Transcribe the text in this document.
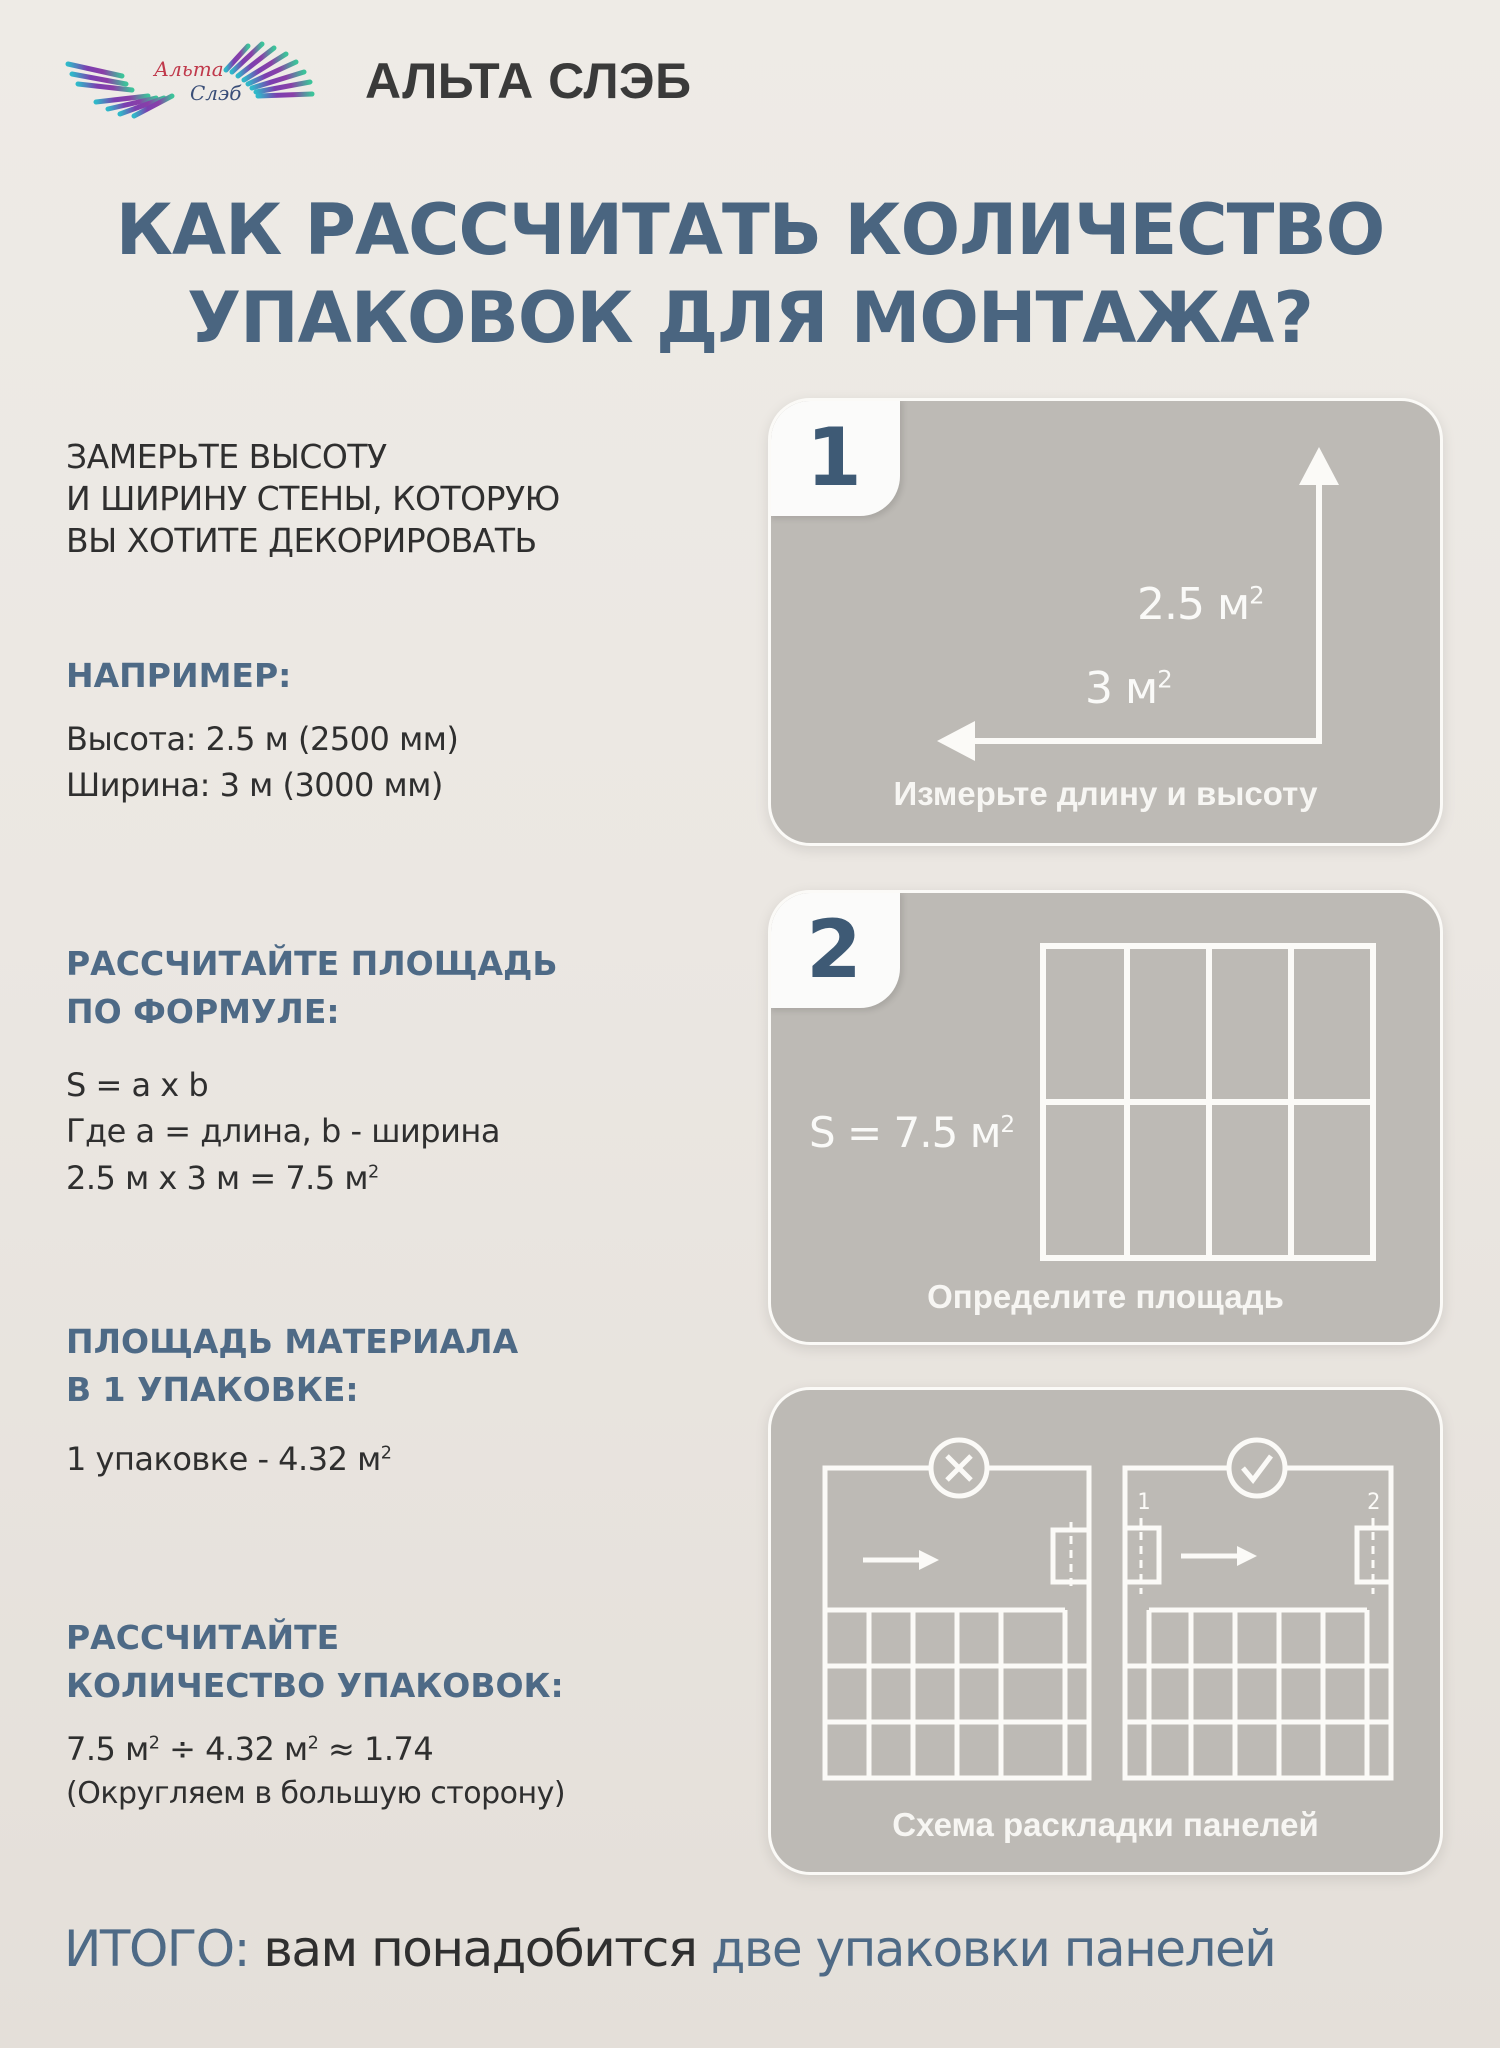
Альта
Слэб АЛЬТА СЛЭБ
КАК РАССЧИТАТЬ КОЛИЧЕСТВО
УПАКОВОК ДЛЯ МОНТАЖА?
ЗАМЕРЬТЕ ВЫСОТУ
И ШИРИНУ СТЕНЫ, КОТОРУЮ
ВЫ ХОТИТЕ ДЕКОРИРОВАТЬ
НАПРИМЕР:
Высота: 2.5 м (2500 мм)
Ширина: 3 м (3000 мм)
РАССЧИТАЙТЕ ПЛОЩАДЬ
ПО ФОРМУЛЕ:
S = a x b
Где a = длина, b - ширина
2.5 м x 3 м = 7.5 $м^2$
ПЛОЩАДЬ МАТЕРИАЛА
В 1 УПАКОВКЕ:
1 упаковке - 4.32 $м^2$
РАССЧИТАЙТЕ
КОЛИЧЕСТВО УПАКОВОК:
7.5 $м^2 \div 4.32$ $м^2 \approx 1.74$
(Округляем в большую сторону)
1
2.5 $м^2$
3 $м^2$
Измерьте длину и высоту
2
S = 7.5 $м^2$
Определите площадь
1	2
Схема раскладки панелей
ИТОГО: вам понадобится две упаковки панелей
